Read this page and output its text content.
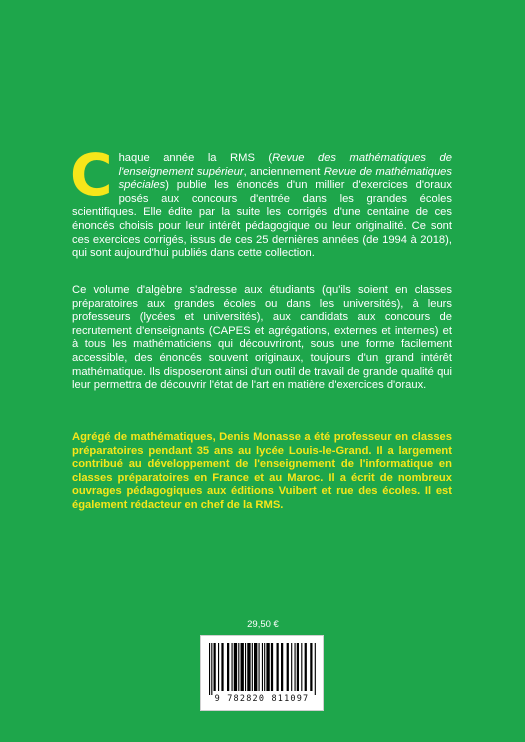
Chaque année la RMS (Revue des mathématiques de l'enseignement supérieur, anciennement Revue de mathématiques spéciales) publie les énoncés d'un millier d'exercices d'oraux posés aux concours d'entrée dans les grandes écoles scientifiques. Elle édite par la suite les corrigés d'une centaine de ces énoncés choisis pour leur intérêt pédagogique ou leur originalité. Ce sont ces exercices corrigés, issus de ces 25 dernières années (de 1994 à 2018), qui sont aujourd'hui publiés dans cette collection.
Ce volume d'algèbre s'adresse aux étudiants (qu'ils soient en classes préparatoires aux grandes écoles ou dans les universités), à leurs professeurs (lycées et universités), aux candidats aux concours de recrutement d'enseignants (CAPES et agrégations, externes et internes) et à tous les mathématiciens qui découvriront, sous une forme facilement accessible, des énoncés souvent originaux, toujours d'un grand intérêt mathématique. Ils disposeront ainsi d'un outil de travail de grande qualité qui leur permettra de découvrir l'état de l'art en matière d'exercices d'oraux.
Agrégé de mathématiques, Denis Monasse a été professeur en classes préparatoires pendant 35 ans au lycée Louis-le-Grand. Il a largement contribué au développement de l'enseignement de l'informatique en classes préparatoires en France et au Maroc. Il a écrit de nombreux ouvrages pédagogiques aux éditions Vuibert et rue des écoles. Il est également rédacteur en chef de la RMS.
29,50 €
9 782820 811097
